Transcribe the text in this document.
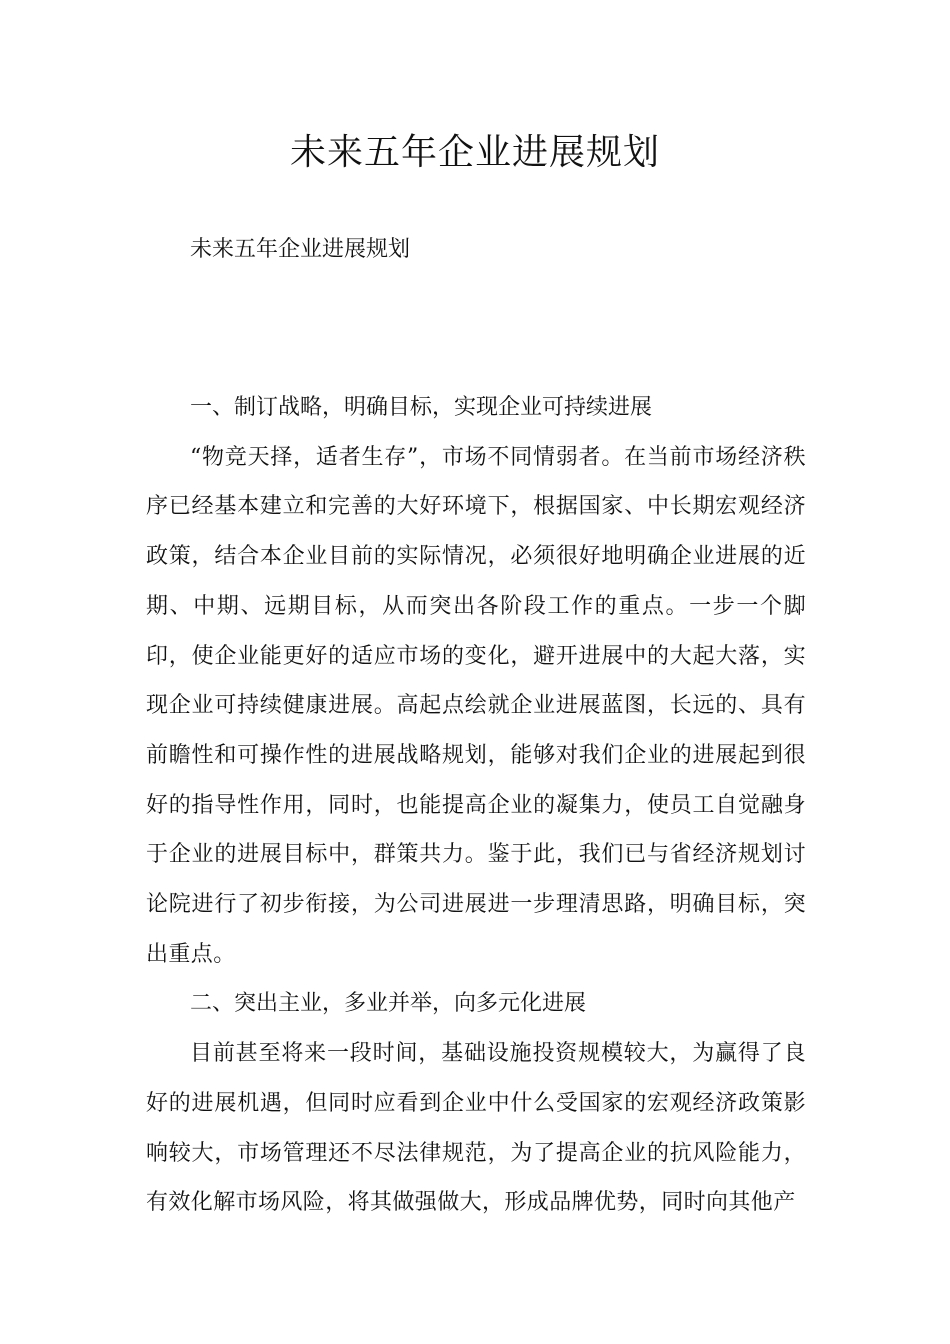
未来五年企业进展规划

未来五年企业进展规划

一、制订战略，明确目标，实现企业可持续进展

“物竞天择，适者生存”，市场不同情弱者。在当前市场经济秩序已经基本建立和完善的大好环境下，根据国家、中长期宏观经济政策，结合本企业目前的实际情况，必须很好地明确企业进展的近期、中期、远期目标，从而突出各阶段工作的重点。一步一个脚印，使企业能更好的适应市场的变化，避开进展中的大起大落，实现企业可持续健康进展。高起点绘就企业进展蓝图，长远的、具有前瞻性和可操作性的进展战略规划，能够对我们企业的进展起到很好的指导性作用，同时，也能提高企业的凝集力，使员工自觉融身于企业的进展目标中，群策共力。鉴于此，我们已与省经济规划讨论院进行了初步衔接，为公司进展进一步理清思路，明确目标，突出重点。

二、突出主业，多业并举，向多元化进展

目前甚至将来一段时间，基础设施投资规模较大，为赢得了良好的进展机遇，但同时应看到企业中什么受国家的宏观经济政策影响较大，市场管理还不尽法律规范，为了提高企业的抗风险能力，有效化解市场风险，将其做强做大，形成品牌优势，同时向其他产
